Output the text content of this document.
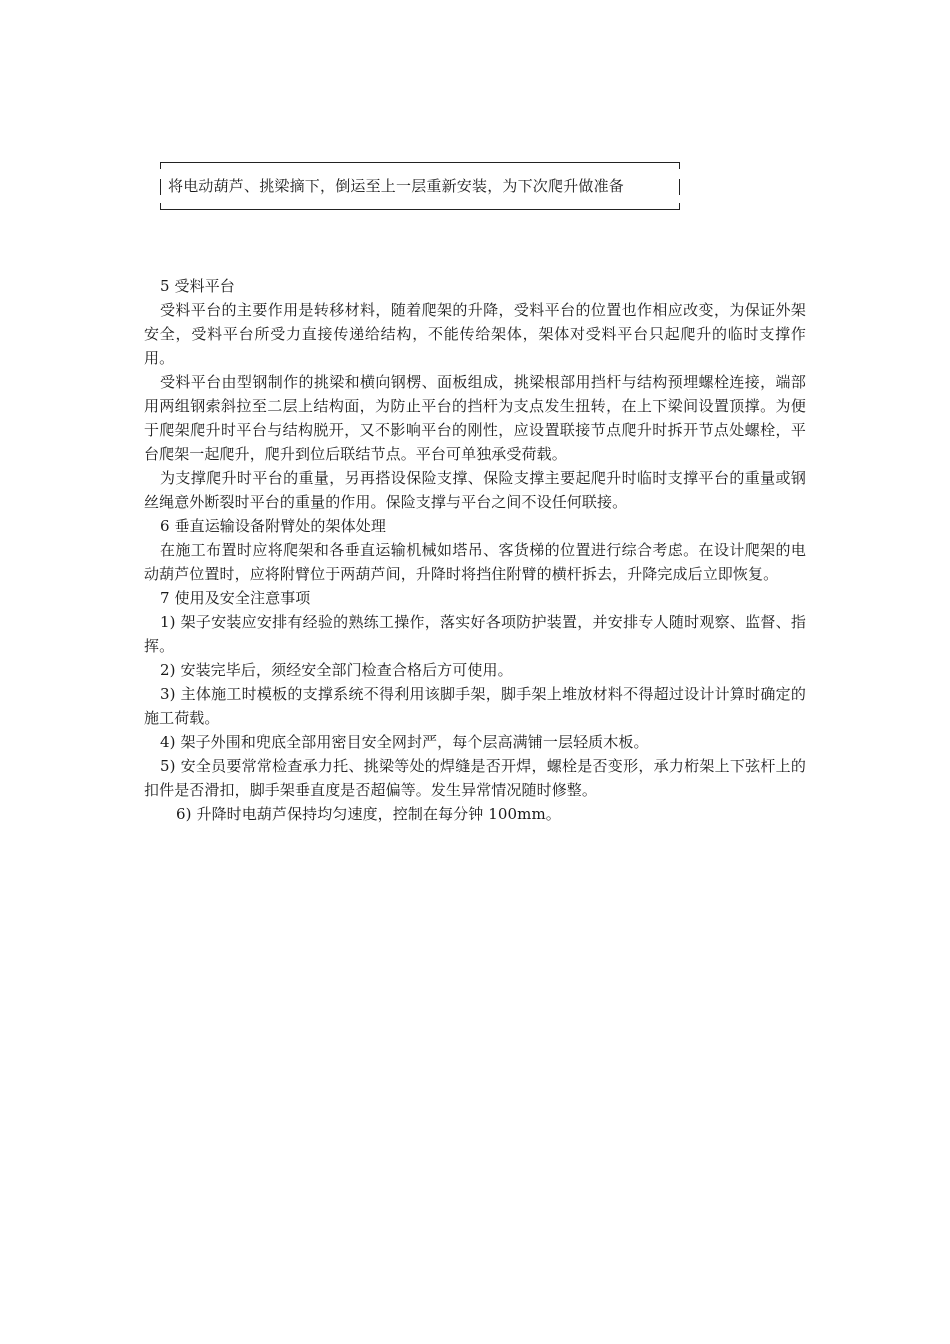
将电动葫芦、挑梁摘下，倒运至上一层重新安装，为下次爬升做准备

5 受料平台

受料平台的主要作用是转移材料，随着爬架的升降，受料平台的位置也作相应改变，为保证外架安全，受料平台所受力直接传递给结构，不能传给架体，架体对受料平台只起爬升的临时支撑作用。

受料平台由型钢制作的挑梁和横向钢楞、面板组成，挑梁根部用挡杆与结构预埋螺栓连接，端部用两组钢索斜拉至二层上结构面，为防止平台的挡杆为支点发生扭转，在上下梁间设置顶撑。为便于爬架爬升时平台与结构脱开，又不影响平台的刚性，应设置联接节点爬升时拆开节点处螺栓，平台爬架一起爬升，爬升到位后联结节点。平台可单独承受荷载。

为支撑爬升时平台的重量，另再搭设保险支撑、保险支撑主要起爬升时临时支撑平台的重量或钢丝绳意外断裂时平台的重量的作用。保险支撑与平台之间不设任何联接。

6 垂直运输设备附臂处的架体处理

在施工布置时应将爬架和各垂直运输机械如塔吊、客货梯的位置进行综合考虑。在设计爬架的电动葫芦位置时，应将附臂位于两葫芦间，升降时将挡住附臂的横杆拆去，升降完成后立即恢复。

7 使用及安全注意事项

1) 架子安装应安排有经验的熟练工操作，落实好各项防护装置，并安排专人随时观察、监督、指挥。

2) 安装完毕后，须经安全部门检查合格后方可使用。

3) 主体施工时模板的支撑系统不得利用该脚手架，脚手架上堆放材料不得超过设计计算时确定的施工荷载。

4) 架子外围和兜底全部用密目安全网封严，每个层高满铺一层轻质木板。

5) 安全员要常常检查承力托、挑梁等处的焊缝是否开焊，螺栓是否变形，承力桁架上下弦杆上的扣件是否滑扣，脚手架垂直度是否超偏等。发生异常情况随时修整。

6) 升降时电葫芦保持均匀速度，控制在每分钟 100mm。
